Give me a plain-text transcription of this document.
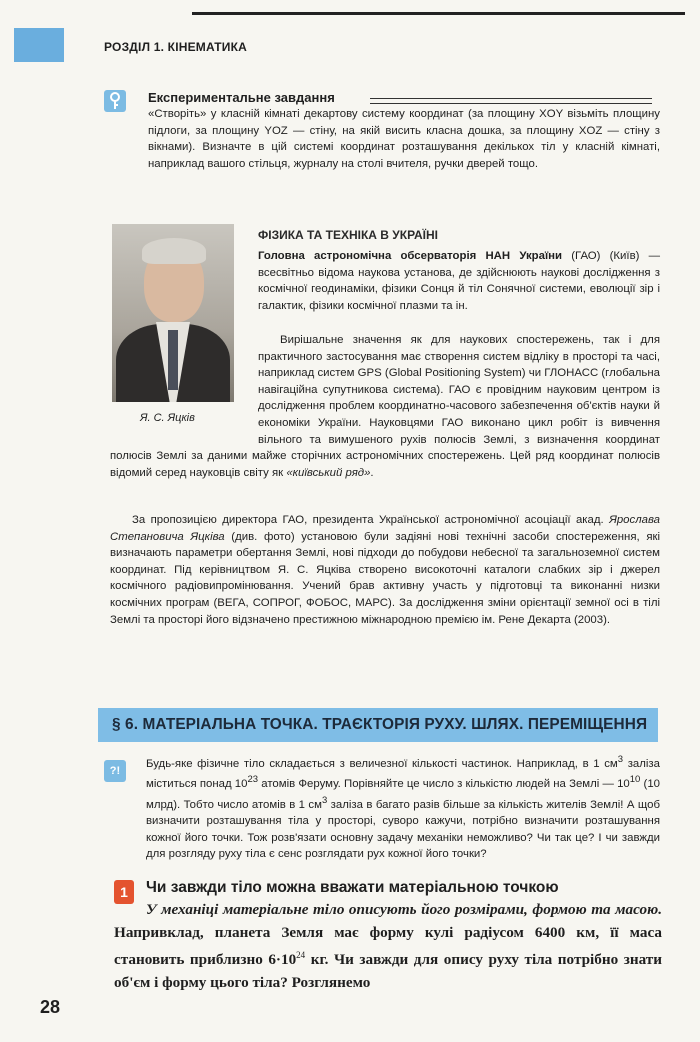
РОЗДІЛ 1. КІНЕМАТИКА
Експериментальне завдання

«Створіть» у класній кімнаті декартову систему координат (за площину XOY візьміть площину підлоги, за площину YOZ — стіну, на якій висить класна дошка, за площину XOZ — стіну з вікнами). Визначте в цій системі координат розташування декількох тіл у класній кімнаті, наприклад вашого стільця, журналу на столі вчителя, ручки дверей тощо.

Я. С. Яцків
ФІЗИКА ТА ТЕХНІКА В УКРАЇНІ

Головна астрономічна обсерваторія НАН України (ГАО) (Київ) — всесвітньо відома наукова установа, де здійснюють наукові дослідження з космічної геодинаміки, фізики Сонця й тіл Сонячної системи, еволюції зір і галактик, фізики космічної плазми та ін.

Вирішальне значення як для наукових спостережень, так і для практичного застосування має створення систем відліку в просторі та часі, наприклад систем GPS (Global Positioning System) чи ГЛОНАСС (глобальна навігаційна супутникова система). ГАО є провідним науковим центром із дослідження проблем координатно-часового забезпечення об'єктів науки й економіки України. Науковцями ГАО виконано цикл робіт із вивчення вільного та вимушеного рухів полюсів Землі, з визначення координат полюсів Землі за даними майже сторічних астрономічних спостережень. Цей ряд координат полюсів відомий серед науковців світу як «київський ряд».

За пропозицією директора ГАО, президента Української астрономічної асоціації акад. Ярослава Степановича Яцківа (див. фото) установою були задіяні нові технічні засоби спостереження, які визначають параметри обертання Землі, нові підходи до побудови небесної та загальноземної систем координат. Під керівництвом Я. С. Яцківа створено високоточні каталоги слабких зір і джерел космічного радіовипромінювання. Учений брав активну участь у підготовці та виконанні низки космічних програм (ВЕГА, СОПРОГ, ФОБОС, МАРС). За дослідження зміни орієнтації земної осі в тілі Землі та просторі його відзначено престижною міжнародною премією ім. Рене Декарта (2003).

§ 6. МАТЕРІАЛЬНА ТОЧКА. ТРАЄКТОРІЯ РУХУ. ШЛЯХ. ПЕРЕМІЩЕННЯ
?!

Будь-яке фізичне тіло складається з величезної кількості частинок. Наприклад, в 1 $см^3$ заліза міститься понад $10^{23}$ атомів Феруму. Порівняйте це число з кількістю людей на Землі — $10^{10}$ (10 млрд). Тобто число атомів в 1 $см^3$ заліза в багато разів більше за кількість жителів Землі! А щоб визначити розташування тіла у просторі, суворо кажучи, потрібно визначити розташування кожної його точки. Тож розв'язати основну задачу механіки неможливо? Чи так це? І чи завжди для розгляду руху тіла є сенс розглядати рух кожної його точки?

1	Чи завжди тіло можна вважати матеріальною точкою

У механіці матеріальне тіло описують його розмірами, формою та масою. Напривклад, планета Земля має форму кулі радіусом 6400 км, її маса становить приблизно $6\cdot 10^{24}$ кг. Чи завжди для опису руху тіла потрібно знати об'єм і форму цього тіла? Розглянемо

28
